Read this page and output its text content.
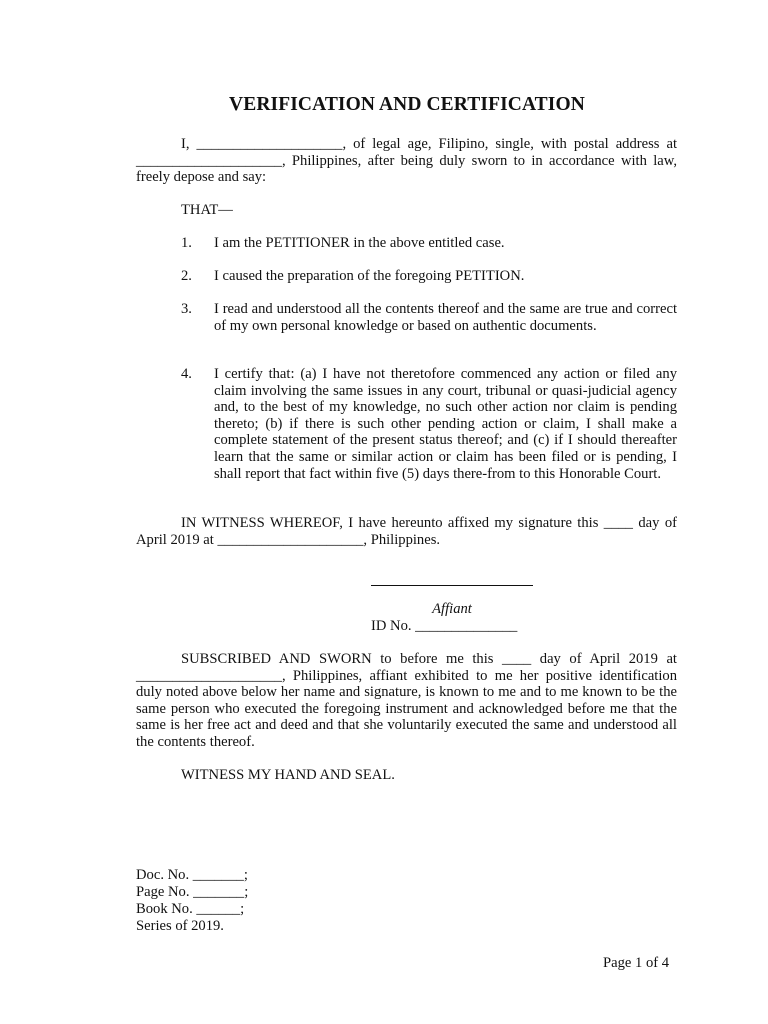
VERIFICATION AND CERTIFICATION
I, ____________________, of legal age, Filipino, single, with postal address at ____________________, Philippines, after being duly sworn to in accordance with law, freely depose and say:
THAT—
1. I am the PETITIONER in the above entitled case.
2. I caused the preparation of the foregoing PETITION.
3. I read and understood all the contents thereof and the same are true and correct of my own personal knowledge or based on authentic documents.
4. I certify that: (a) I have not theretofore commenced any action or filed any claim involving the same issues in any court, tribunal or quasi-judicial agency and, to the best of my knowledge, no such other action nor claim is pending thereto; (b) if there is such other pending action or claim, I shall make a complete statement of the present status thereof; and (c) if I should thereafter learn that the same or similar action or claim has been filed or is pending, I shall report that fact within five (5) days there-from to this Honorable Court.
IN WITNESS WHEREOF, I have hereunto affixed my signature this ____ day of April 2019 at ____________________, Philippines.
Affiant
ID No. ______________
SUBSCRIBED AND SWORN to before me this ____ day of April 2019 at ____________________, Philippines, affiant exhibited to me her positive identification duly noted above below her name and signature, is known to me and to me known to be the same person who executed the foregoing instrument and acknowledged before me that the same is her free act and deed and that she voluntarily executed the same and understood all the contents thereof.
WITNESS MY HAND AND SEAL.
Doc. No. _______;
Page No. _______;
Book No. ______;
Series of 2019.
Page 1 of 4
